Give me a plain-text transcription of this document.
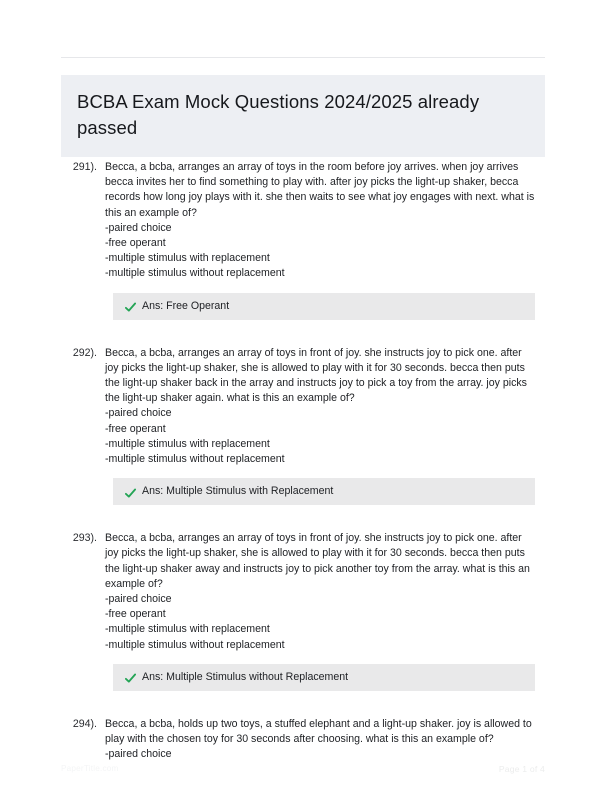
BCBA Exam Mock Questions 2024/2025 already passed
291). Becca, a bcba, arranges an array of toys in the room before joy arrives. when joy arrives becca invites her to find something to play with. after joy picks the light-up shaker, becca records how long joy plays with it. she then waits to see what joy engages with next. what is this an example of?

-paired choice
-free operant
-multiple stimulus with replacement
-multiple stimulus without replacement
Ans: Free Operant
292). Becca, a bcba, arranges an array of toys in front of joy. she instructs joy to pick one. after joy picks the light-up shaker, she is allowed to play with it for 30 seconds. becca then puts the light-up shaker back in the array and instructs joy to pick a toy from the array. joy picks the light-up shaker again. what is this an example of?

-paired choice
-free operant
-multiple stimulus with replacement
-multiple stimulus without replacement
Ans: Multiple Stimulus with Replacement
293). Becca, a bcba, arranges an array of toys in front of joy. she instructs joy to pick one. after joy picks the light-up shaker, she is allowed to play with it for 30 seconds. becca then puts the light-up shaker away and instructs joy to pick another toy from the array. what is this an example of?

-paired choice
-free operant
-multiple stimulus with replacement
-multiple stimulus without replacement
Ans: Multiple Stimulus without Replacement
294). Becca, a bcba, holds up two toys, a stuffed elephant and a light-up shaker. joy is allowed to play with the chosen toy for 30 seconds after choosing. what is this an example of?

-paired choice
PaperTitle.com	Page 1 of 4
